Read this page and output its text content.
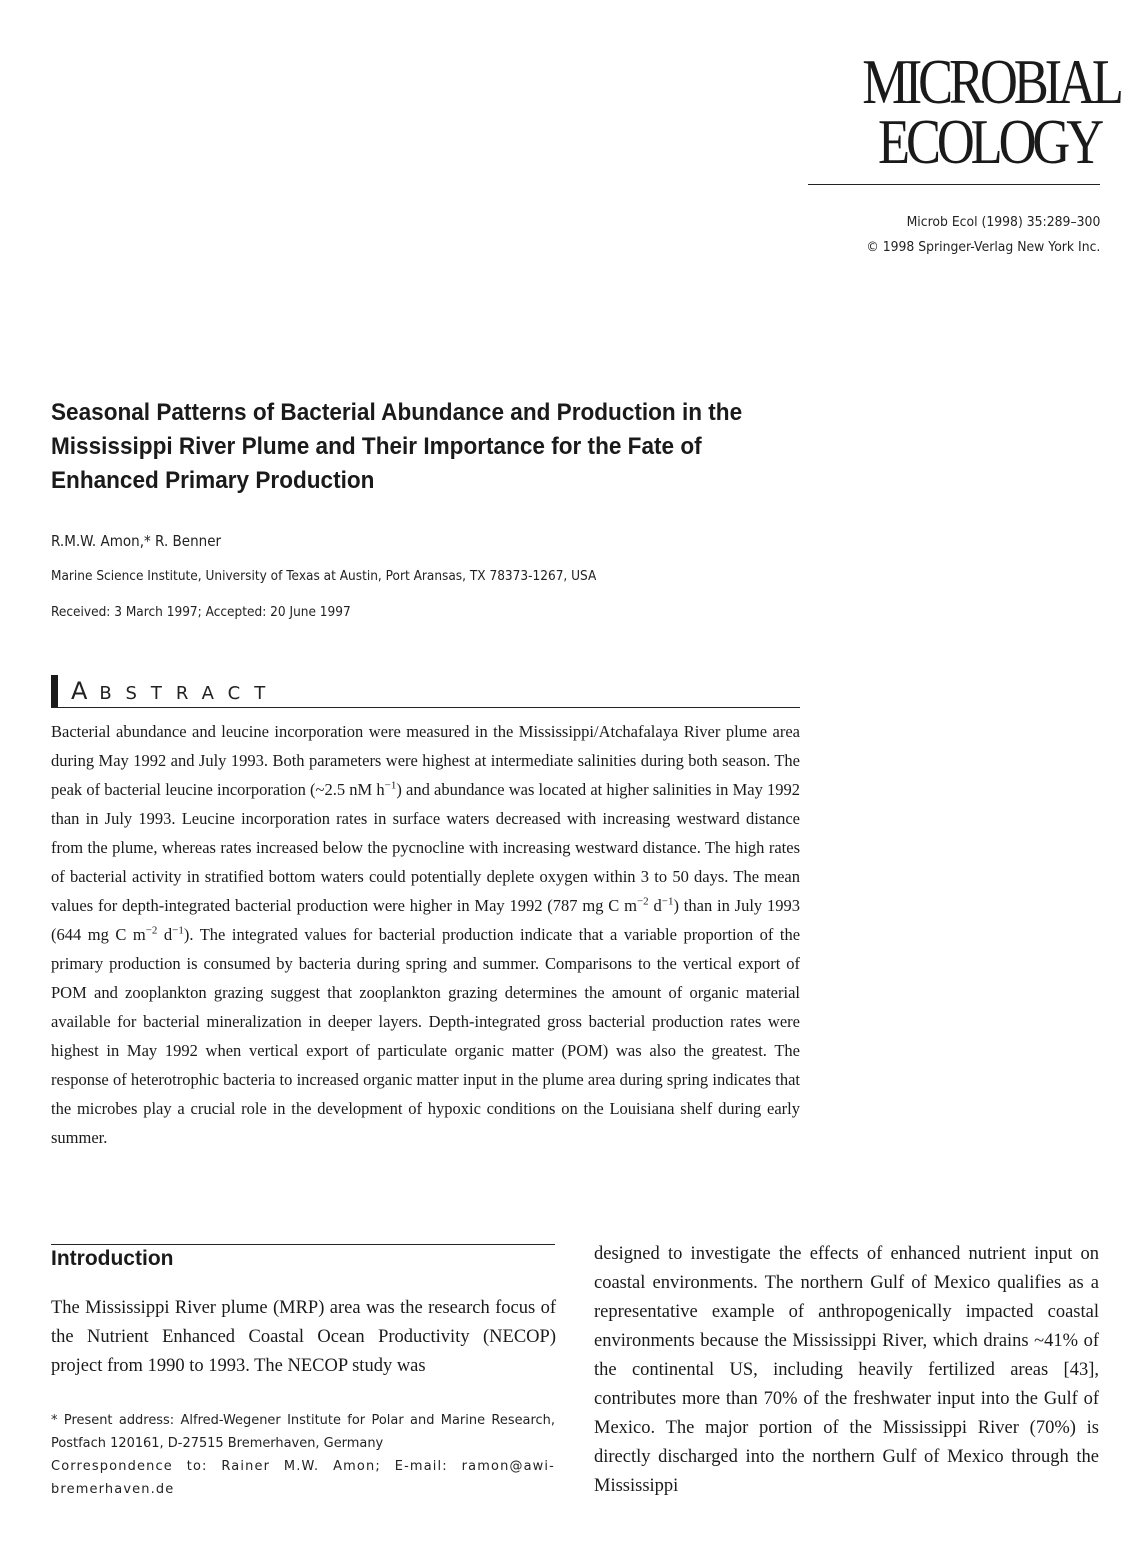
MICROBIAL
ECOLOGY
Microb Ecol (1998) 35:289–300
© 1998 Springer-Verlag New York Inc.
Seasonal Patterns of Bacterial Abundance and Production in the Mississippi River Plume and Their Importance for the Fate of Enhanced Primary Production
R.M.W. Amon,* R. Benner
Marine Science Institute, University of Texas at Austin, Port Aransas, TX 78373-1267, USA
Received: 3 March 1997; Accepted: 20 June 1997
ABSTRACT

Bacterial abundance and leucine incorporation were measured in the Mississippi/Atchafalaya River plume area during May 1992 and July 1993. Both parameters were highest at intermediate salinities during both season. The peak of bacterial leucine incorporation (~2.5 nM $h^{-1}$) and abundance was located at higher salinities in May 1992 than in July 1993. Leucine incorporation rates in surface waters decreased with increasing westward distance from the plume, whereas rates increased below the pycnocline with increasing westward distance. The high rates of bacterial activity in stratified bottom waters could potentially deplete oxygen within 3 to 50 days. The mean values for depth-integrated bacterial production were higher in May 1992 (787 mg C $m^{-2}$ $d^{-1}$) than in July 1993 (644 mg C $m^{-2}$ $d^{-1}$). The integrated values for bacterial production indicate that a variable proportion of the primary production is consumed by bacteria during spring and summer. Comparisons to the vertical export of POM and zooplankton grazing suggest that zooplankton grazing determines the amount of organic material available for bacterial mineralization in deeper layers. Depth-integrated gross bacterial production rates were highest in May 1992 when vertical export of particulate organic matter (POM) was also the greatest. The response of heterotrophic bacteria to increased organic matter input in the plume area during spring indicates that the microbes play a crucial role in the development of hypoxic conditions on the Louisiana shelf during early summer.

Introduction

The Mississippi River plume (MRP) area was the research focus of the Nutrient Enhanced Coastal Ocean Productivity (NECOP) project from 1990 to 1993. The NECOP study was

* Present address: Alfred-Wegener Institute for Polar and Marine Research, Postfach 120161, D-27515 Bremerhaven, Germany

Correspondence to: Rainer M.W. Amon; E-mail: ramon@awi-bremerhaven.de

designed to investigate the effects of enhanced nutrient input on coastal environments. The northern Gulf of Mexico qualifies as a representative example of anthropogenically impacted coastal environments because the Mississippi River, which drains ~41% of the continental US, including heavily fertilized areas [43], contributes more than 70% of the freshwater input into the Gulf of Mexico. The major portion of the Mississippi River (70%) is directly discharged into the northern Gulf of Mexico through the Mississippi
